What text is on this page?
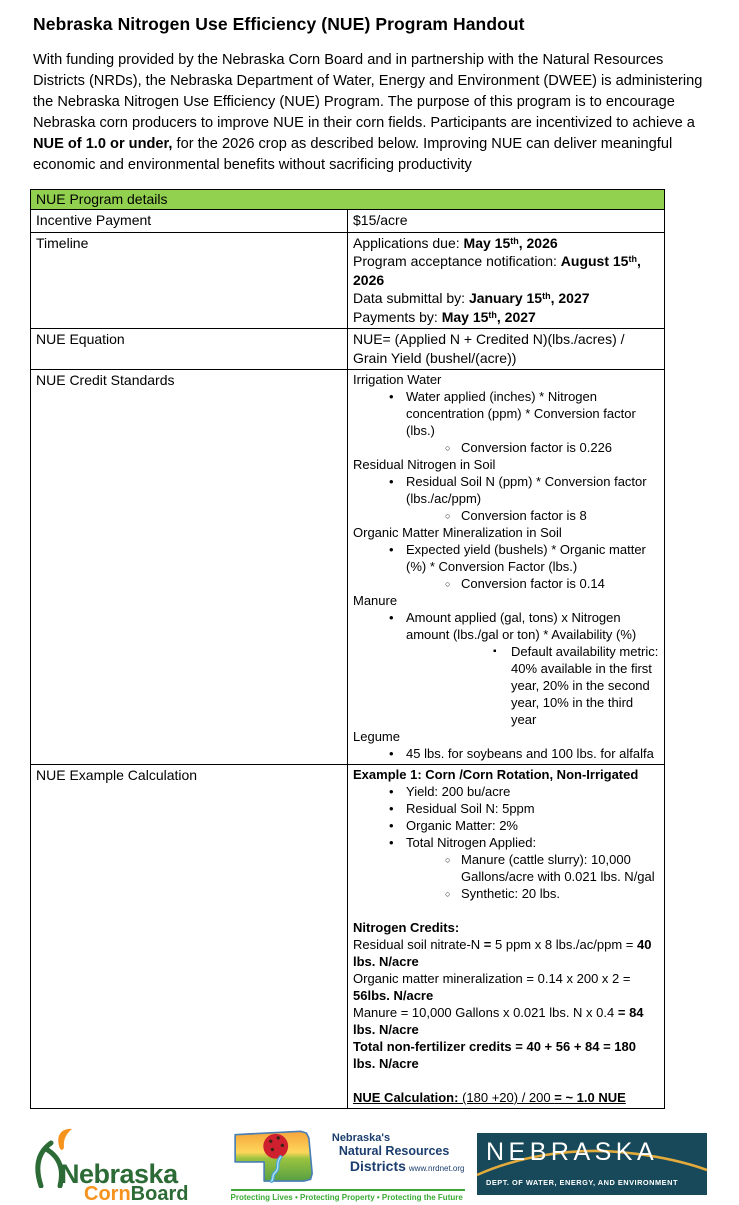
Nebraska Nitrogen Use Efficiency (NUE) Program Handout

With funding provided by the Nebraska Corn Board and in partnership with the Natural Resources Districts (NRDs), the Nebraska Department of Water, Energy and Environment (DWEE) is administering the Nebraska Nitrogen Use Efficiency (NUE) Program. The purpose of this program is to encourage Nebraska corn producers to improve NUE in their corn fields. Participants are incentivized to achieve a NUE of 1.0 or under, for the 2026 crop as described below. Improving NUE can deliver meaningful economic and environmental benefits without sacrificing productivity

NUE Program details	
Incentive Payment	$15/acre
Timeline	Applications due: May 15th, 2026
Program acceptance notification: August 15th, 2026
Data submittal by: January 15th, 2027
Payments by: May 15th, 2027

NUE Equation	NUE= (Applied N + Credited N)(lbs./acres) / Grain Yield (bushel/(acre))
NUE Credit Standards	Irrigation Water
• Water applied (inches) * Nitrogen concentration (ppm) * Conversion factor (lbs.)
○ Conversion factor is 0.226
Residual Nitrogen in Soil
• Residual Soil N (ppm) * Conversion factor (lbs./ac/ppm)
○ Conversion factor is 8
Organic Matter Mineralization in Soil
• Expected yield (bushels) * Organic matter (%) * Conversion Factor (lbs.)
○ Conversion factor is 0.14
Manure
• Amount applied (gal, tons) x Nitrogen amount (lbs./gal or ton) * Availability (%)
▪ Default availability metric: 40% available in the first year, 20% in the second year, 10% in the third year
Legume
• 45 lbs. for soybeans and 100 lbs. for alfalfa

NUE Example Calculation	Example 1: Corn /Corn Rotation, Non-Irrigated
• Yield: 200 bu/acre
• Residual Soil N: 5ppm
• Organic Matter: 2%
• Total Nitrogen Applied:
○ Manure (cattle slurry): 10,000 Gallons/acre with 0.021 lbs. N/gal
○ Synthetic: 20 lbs.
Nitrogen Credits:
Residual soil nitrate-N = 5 ppm x 8 lbs./ac/ppm = 40 lbs. N/acre
Organic matter mineralization = 0.14 x 200 x 2 = 56lbs. N/acre
Manure = 10,000 Gallons x 0.021 lbs. N x 0.4 = 84 lbs. N/acre
Total non-fertilizer credits = 40 + 56 + 84 = 180 lbs. N/acre
NUE Calculation: (180 +20) / 200 = ~ 1.0 NUE
Nebraska
CornBoard
Nebraska's
Natural Resources
Districts www.nrdnet.org
Protecting Lives • Protecting Property • Protecting the Future
NEBRASKA
DEPT. OF WATER, ENERGY, AND ENVIRONMENT
